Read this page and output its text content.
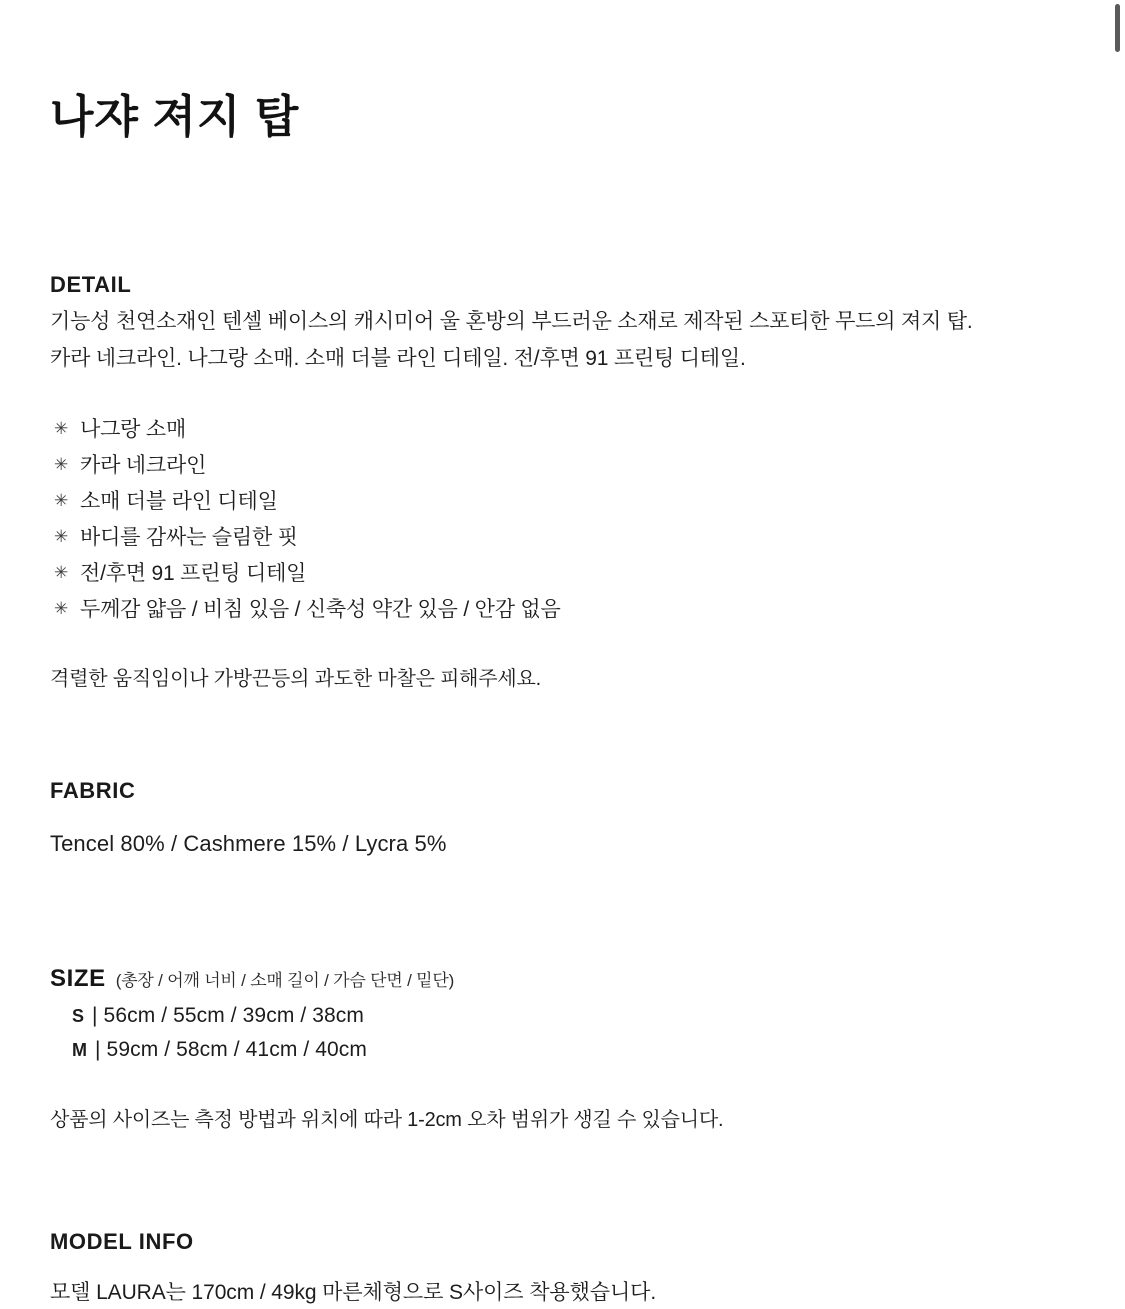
나쟈 져지 탑
DETAIL

기능성 천연소재인 텐셀 베이스의 캐시미어 울 혼방의 부드러운 소재로 제작된 스포티한 무드의 져지 탑.

카라 네크라인. 나그랑 소매. 소매 더블 라인 디테일. 전/후면 91 프린팅 디테일.

✳ 나그랑 소매
✳ 카라 네크라인
✳ 소매 더블 라인 디테일
✳ 바디를 감싸는 슬림한 핏
✳ 전/후면 91 프린팅 디테일
✳ 두께감 얇음 / 비침 있음 / 신축성 약간 있음 / 안감 없음

격렬한 움직임이나 가방끈등의 과도한 마찰은 피해주세요.

FABRIC

Tencel 80% / Cashmere 15% / Lycra 5%

SIZE (총장 / 어깨 너비 / 소매 길이 / 가슴 단면 / 밑단)
S | 56cm / 55cm / 39cm / 38cm
M | 59cm / 58cm / 41cm / 40cm

상품의 사이즈는 측정 방법과 위치에 따라 1-2cm 오차 범위가 생길 수 있습니다.

MODEL INFO

모델 LAURA는 170cm / 49kg 마른체형으로 S사이즈 착용했습니다.
